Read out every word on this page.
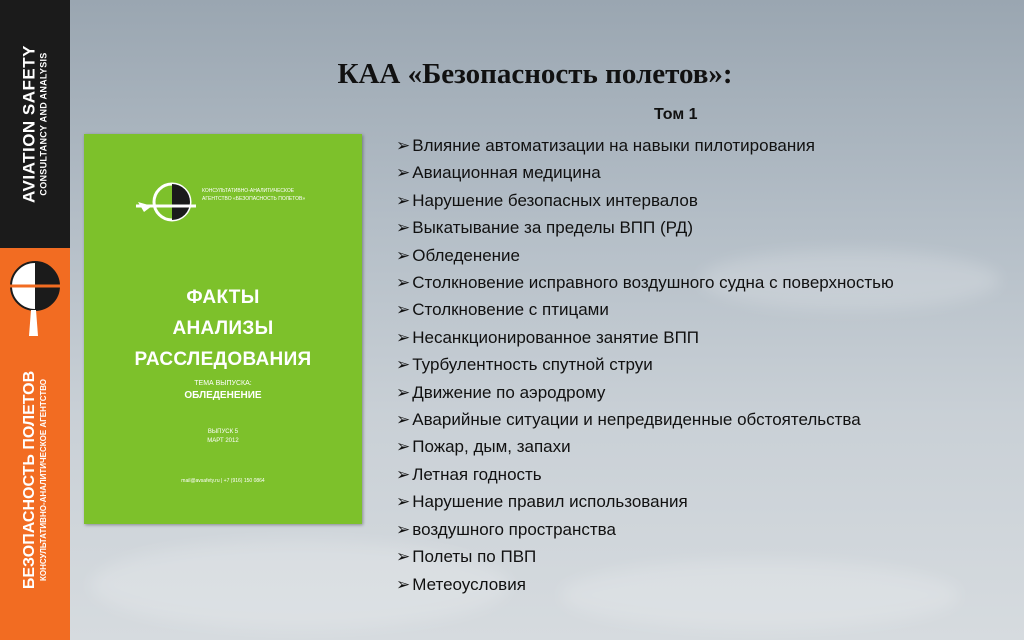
AVIATION SAFETY CONSULTANCY AND ANALYSIS
БЕЗОПАСНОСТЬ ПОЛЕТОВ КОНСУЛЬТАТИВНО-АНАЛИТИЧЕСКОЕ АГЕНТСТВО
КАА «Безопасность полетов»:
Том 1
➢ Влияние автоматизации на навыки пилотирования
➢ Авиационная медицина
➢ Нарушение безопасных интервалов
➢ Выкатывание за пределы ВПП (РД)
➢ Обледенение
➢ Столкновение исправного воздушного судна с поверхностью
➢ Столкновение с птицами
➢ Несанкционированное занятие ВПП
➢ Турбулентность спутной струи
➢ Движение по аэродрому
➢ Аварийные ситуации и непредвиденные обстоятельства
➢ Пожар, дым, запахи
➢ Летная годность
➢ Нарушение правил использования
➢ воздушного пространства
➢ Полеты по ПВП
➢ Метеоусловия
КОНСУЛЬТАТИВНО-АНАЛИТИЧЕСКОЕ
АГЕНТСТВО «БЕЗОПАСНОСТЬ ПОЛЕТОВ»
ФАКТЫ
АНАЛИЗЫ
РАССЛЕДОВАНИЯ
ТЕМА ВЫПУСКА:
ОБЛЕДЕНЕНИЕ
ВЫПУСК 5
МАРТ 2012
mail@avsafety.ru | +7 (916) 150 0864
